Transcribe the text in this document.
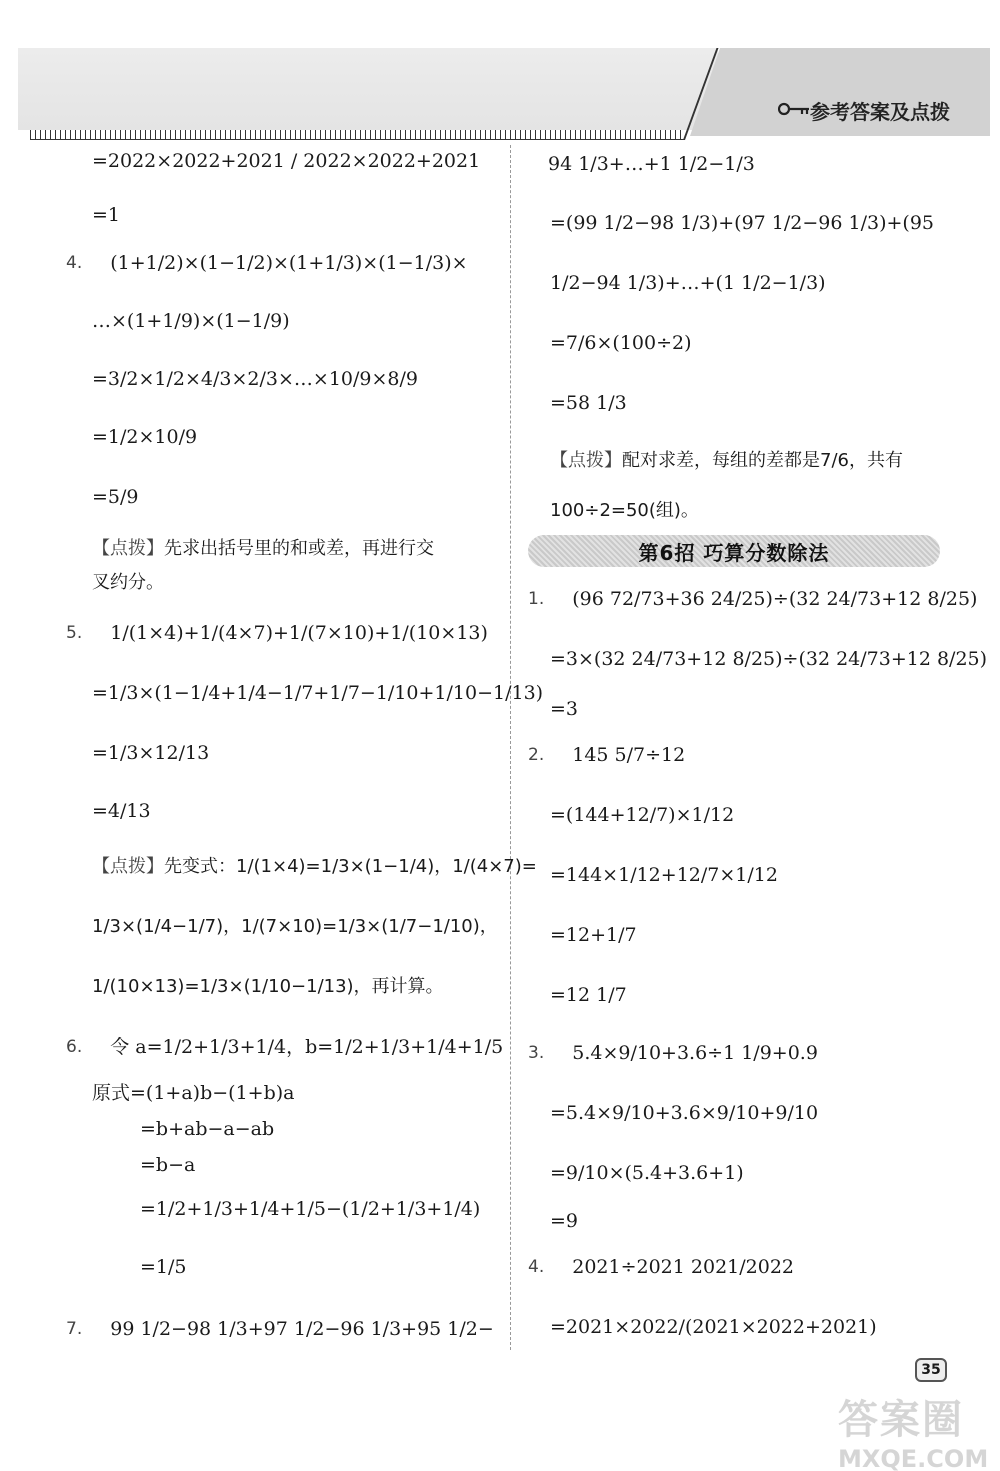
参考答案及点拨
=2022×2022+2021 / 2022×2022+2021
=1
4. (1+1/2)×(1−1/2)×(1+1/3)×(1−1/3)×
…×(1+1/9)×(1−1/9)
=3/2×1/2×4/3×2/3×…×10/9×8/9
=1/2×10/9
=5/9
【点拨】 先求出括号里的和或差，再进行交
叉约分。
5. 1/(1×4)+1/(4×7)+1/(7×10)+1/(10×13)
=1/3×(1−1/4+1/4−1/7+1/7−1/10+1/10−1/13)
=1/3×12/13
=4/13
【点拨】 先变式：1/(1×4)=1/3×(1−1/4)，1/(4×7)=
1/3×(1/4−1/7)，1/(7×10)=1/3×(1/7−1/10)，
1/(10×13)=1/3×(1/10−1/13)，再计算。
6. 令 a=1/2+1/3+1/4，b=1/2+1/3+1/4+1/5
原式=(1+a)b−(1+b)a
=b+ab−a−ab
=b−a
=1/2+1/3+1/4+1/5−(1/2+1/3+1/4)
=1/5
7. 99 1/2−98 1/3+97 1/2−96 1/3+95 1/2−
94 1/3+…+1 1/2−1/3
=(99 1/2−98 1/3)+(97 1/2−96 1/3)+(95
1/2−94 1/3)+…+(1 1/2−1/3)
=7/6×(100÷2)
=58 1/3
【点拨】 配对求差，每组的差都是7/6，共有
100÷2=50(组)。
1. (96 72/73+36 24/25)÷(32 24/73+12 8/25)
=3×(32 24/73+12 8/25)÷(32 24/73+12 8/25)
=3
2. 145 5/7÷12
=(144+12/7)×1/12
=144×1/12+12/7×1/12
=12+1/7
=12 1/7
3. 5.4×9/10+3.6÷1 1/9+0.9
=5.4×9/10+3.6×9/10+9/10
=9/10×(5.4+3.6+1)
=9
4. 2021÷2021 2021/2022
=2021×2022/(2021×2022+2021)
第6招 巧算分数除法
35
答案圈
MXQE.COM
